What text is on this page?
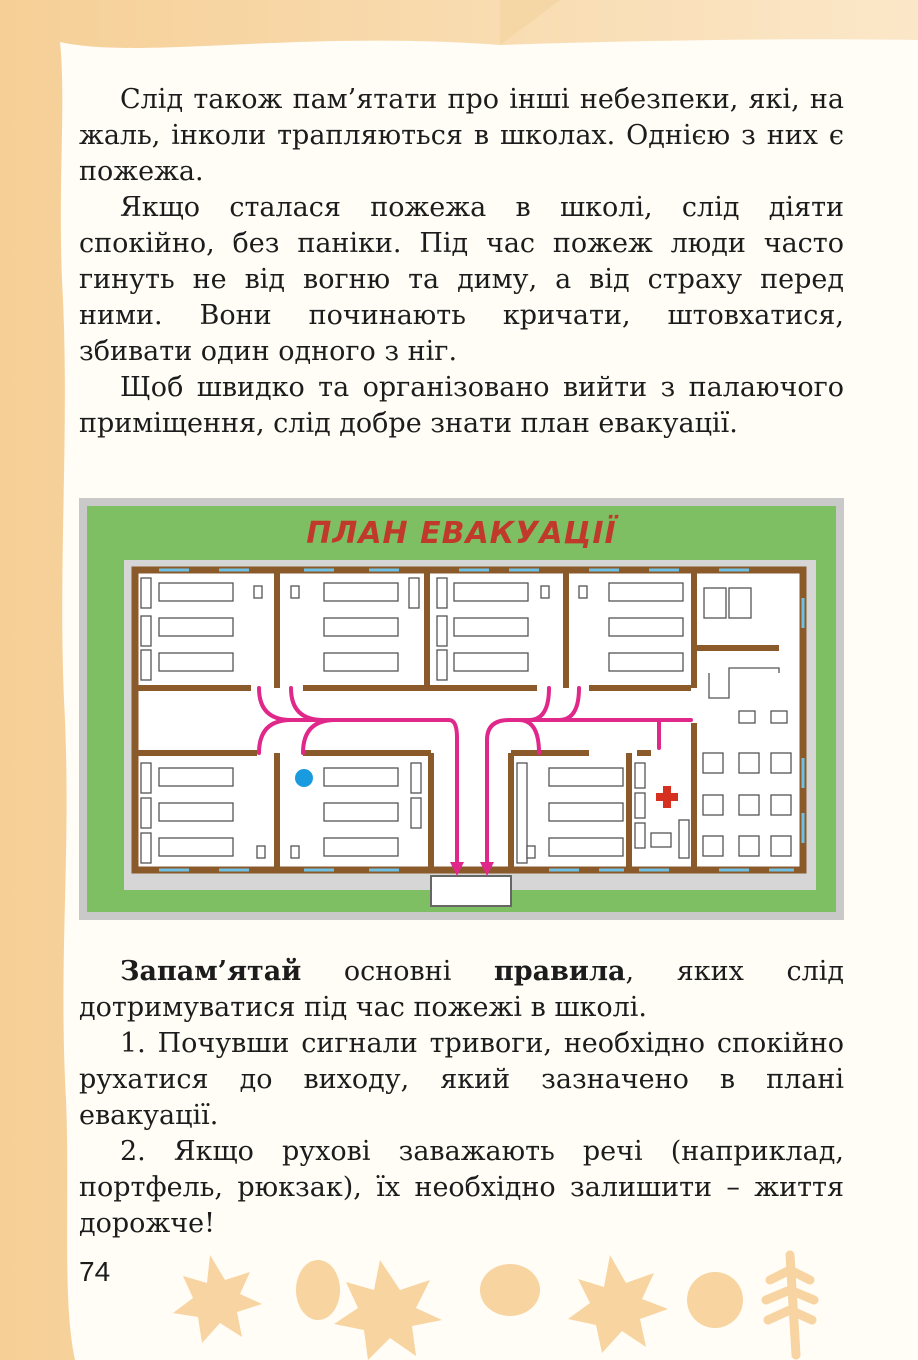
Слід також пам’ятати про інші небезпеки, які, на жаль, інколи трапляються в школах. Однією з них є пожежа.

Якщо сталася пожежа в школі, слід діяти спокійно, без паніки. Під час пожеж люди часто гинуть не від вогню та диму, а від страху перед ними. Вони починають кричати, штовхатися, збивати один одного з ніг.

Щоб швидко та організовано вийти з палаючого приміщення, слід добре знати план евакуації.

ПЛАН ЕВАКУАЦІЇ

Запам’ятай основні правила, яких слід дотримуватися під час пожежі в школі.

1. Почувши сигнали тривоги, необхідно спокійно рухатися до виходу, який зазначено в плані евакуації.

2. Якщо рухові заважають речі (наприклад, портфель, рюкзак), їх необхідно залишити – життя дорожче!

74
